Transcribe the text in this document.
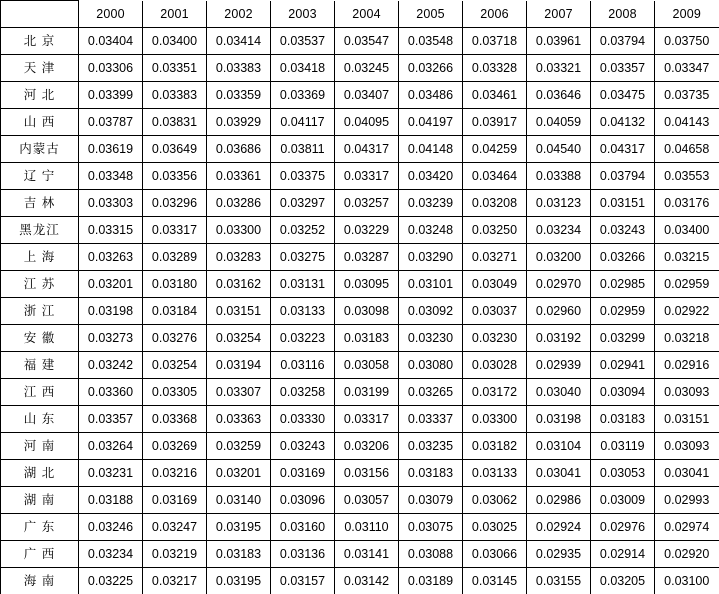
	2000	2001	2002	2003	2004	2005	2006	2007	2008	2009
北 京	0.03404	0.03400	0.03414	0.03537	0.03547	0.03548	0.03718	0.03961	0.03794	0.03750
天 津	0.03306	0.03351	0.03383	0.03418	0.03245	0.03266	0.03328	0.03321	0.03357	0.03347
河 北	0.03399	0.03383	0.03359	0.03369	0.03407	0.03486	0.03461	0.03646	0.03475	0.03735
山 西	0.03787	0.03831	0.03929	0.04117	0.04095	0.04197	0.03917	0.04059	0.04132	0.04143
内蒙古	0.03619	0.03649	0.03686	0.03811	0.04317	0.04148	0.04259	0.04540	0.04317	0.04658
辽 宁	0.03348	0.03356	0.03361	0.03375	0.03317	0.03420	0.03464	0.03388	0.03794	0.03553
吉 林	0.03303	0.03296	0.03286	0.03297	0.03257	0.03239	0.03208	0.03123	0.03151	0.03176
黑龙江	0.03315	0.03317	0.03300	0.03252	0.03229	0.03248	0.03250	0.03234	0.03243	0.03400
上 海	0.03263	0.03289	0.03283	0.03275	0.03287	0.03290	0.03271	0.03200	0.03266	0.03215
江 苏	0.03201	0.03180	0.03162	0.03131	0.03095	0.03101	0.03049	0.02970	0.02985	0.02959
浙 江	0.03198	0.03184	0.03151	0.03133	0.03098	0.03092	0.03037	0.02960	0.02959	0.02922
安 徽	0.03273	0.03276	0.03254	0.03223	0.03183	0.03230	0.03230	0.03192	0.03299	0.03218
福 建	0.03242	0.03254	0.03194	0.03116	0.03058	0.03080	0.03028	0.02939	0.02941	0.02916
江 西	0.03360	0.03305	0.03307	0.03258	0.03199	0.03265	0.03172	0.03040	0.03094	0.03093
山 东	0.03357	0.03368	0.03363	0.03330	0.03317	0.03337	0.03300	0.03198	0.03183	0.03151
河 南	0.03264	0.03269	0.03259	0.03243	0.03206	0.03235	0.03182	0.03104	0.03119	0.03093
湖 北	0.03231	0.03216	0.03201	0.03169	0.03156	0.03183	0.03133	0.03041	0.03053	0.03041
湖 南	0.03188	0.03169	0.03140	0.03096	0.03057	0.03079	0.03062	0.02986	0.03009	0.02993
广 东	0.03246	0.03247	0.03195	0.03160	0.03110	0.03075	0.03025	0.02924	0.02976	0.02974
广 西	0.03234	0.03219	0.03183	0.03136	0.03141	0.03088	0.03066	0.02935	0.02914	0.02920
海 南	0.03225	0.03217	0.03195	0.03157	0.03142	0.03189	0.03145	0.03155	0.03205	0.03100
